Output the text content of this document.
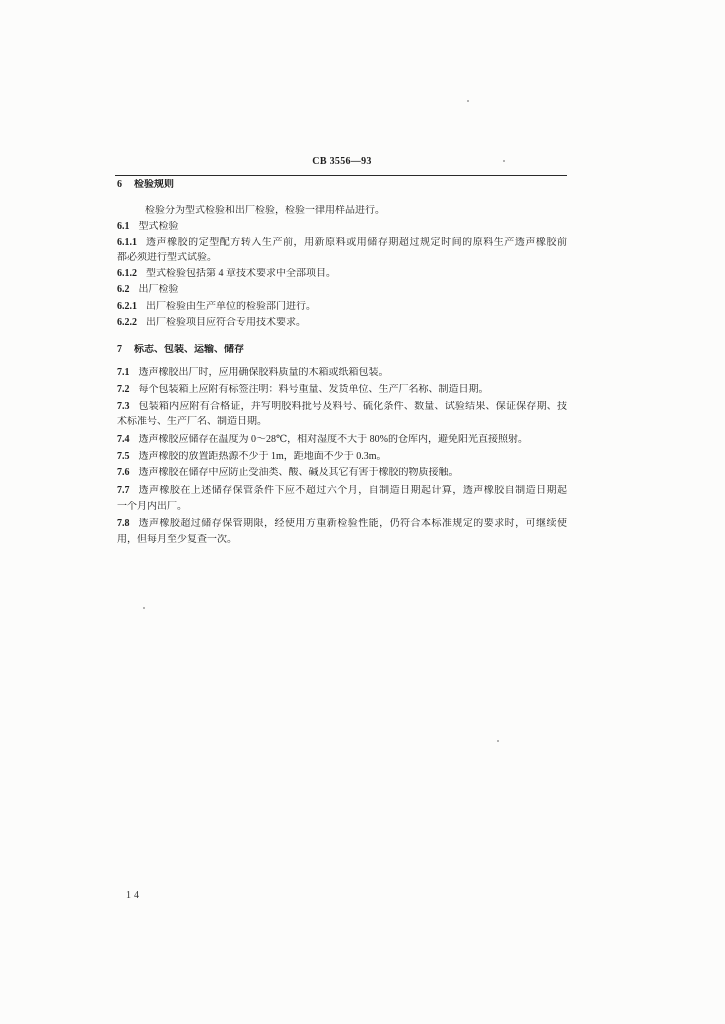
CB 3556—93
6 检验规则
检验分为型式检验和出厂检验，检验一律用样品进行。
6.1 型式检验
6.1.1 透声橡胶的定型配方转入生产前，用新原料或用储存期超过规定时间的原料生产透声橡胶前
都必须进行型式试验。
6.1.2 型式检验包括第 4 章技术要求中全部项目。
6.2 出厂检验
6.2.1 出厂检验由生产单位的检验部门进行。
6.2.2 出厂检验项目应符合专用技术要求。
7 标志、包装、运输、储存
7.1 透声橡胶出厂时，应用确保胶料质量的木箱或纸箱包装。
7.2 每个包装箱上应附有标签注明：料号重量、发货单位、生产厂名称、制造日期。
7.3 包装箱内应附有合格证，并写明胶料批号及料号、硫化条件、数量、试验结果、保证保存期、技
术标准号、生产厂名、制造日期。
7.4 透声橡胶应储存在温度为 0～28℃，相对湿度不大于 80%的仓库内，避免阳光直接照射。
7.5 透声橡胶的放置距热源不少于 1m，距地面不少于 0.3m。
7.6 透声橡胶在储存中应防止受油类、酸、碱及其它有害于橡胶的物质接触。
7.7 透声橡胶在上述储存保管条件下应不超过六个月，自制造日期起计算，透声橡胶自制造日期起
一个月内出厂。
7.8 透声橡胶超过储存保管期限，经使用方重新检验性能，仍符合本标准规定的要求时，可继续使
用，但每月至少复查一次。
14
